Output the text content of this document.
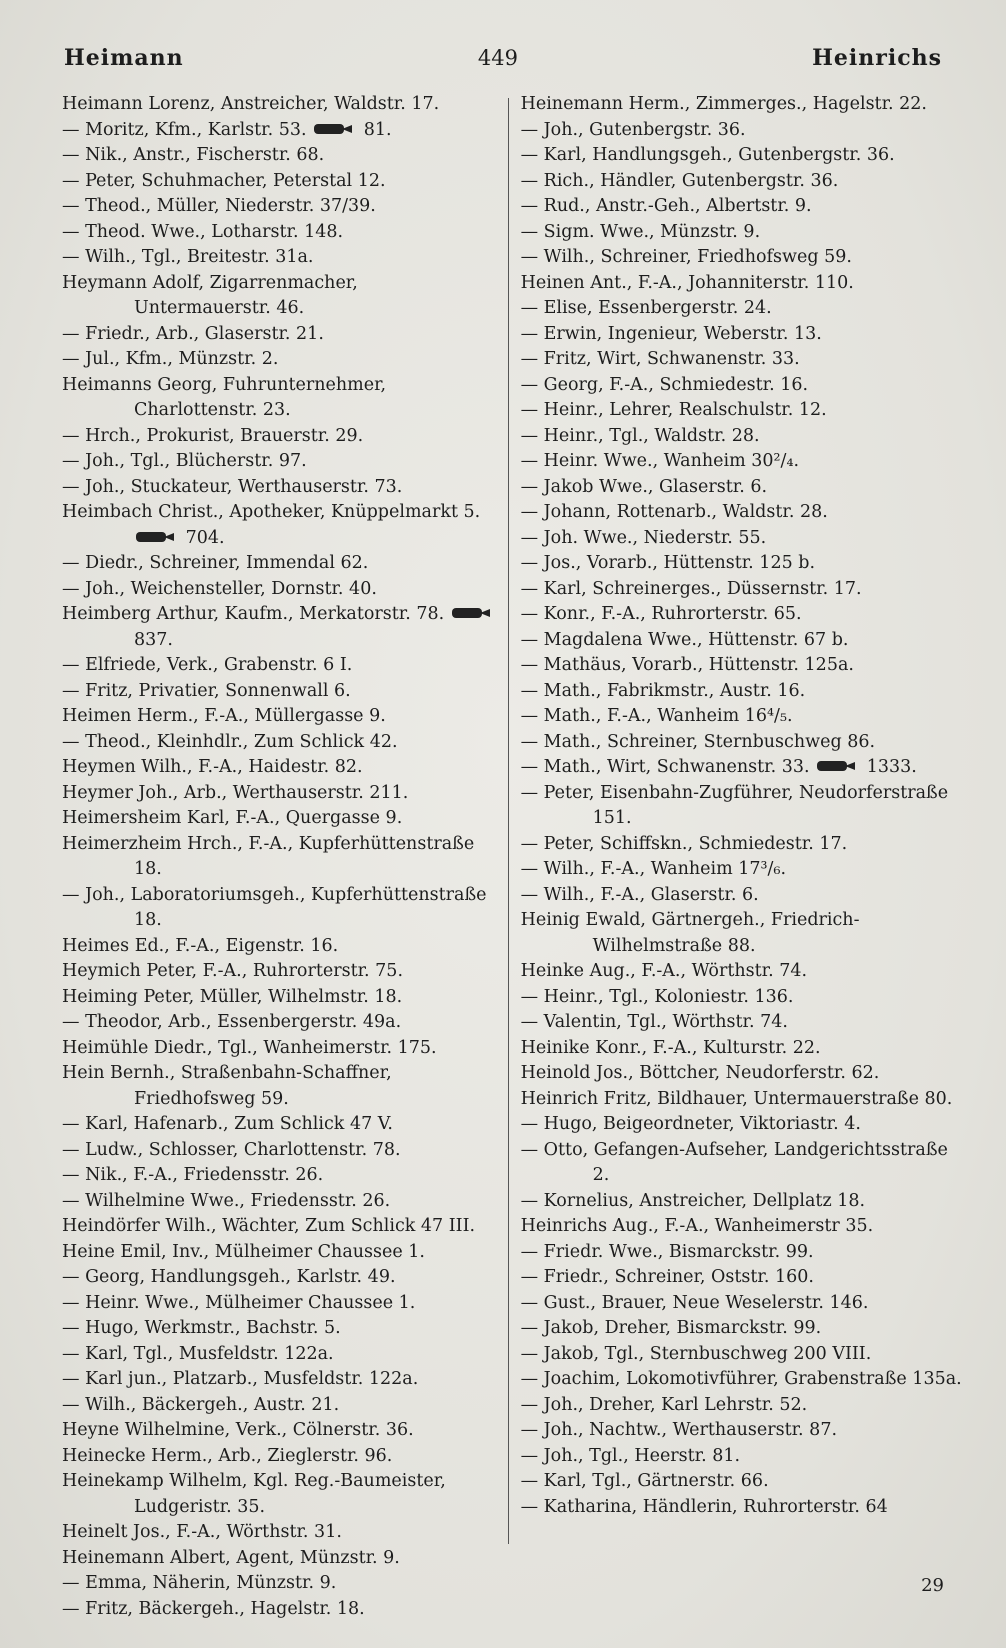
Heimann	449	Heinrichs
Heimann Lorenz, Anstreicher, Waldstr. 17.
— Moritz, Kfm., Karlstr. 53.	81.
— Nik., Anstr., Fischerstr. 68.
— Peter, Schuhmacher, Peterstal 12.
— Theod., Müller, Niederstr. 37/39.
— Theod. Wwe., Lotharstr. 148.
— Wilh., Tgl., Breitestr. 31a.
Heymann Adolf, Zigarrenmacher, Untermauerstr. 46.
— Friedr., Arb., Glaserstr. 21.
— Jul., Kfm., Münzstr. 2.
Heimanns Georg, Fuhrunternehmer, Charlottenstr. 23.
— Hrch., Prokurist, Brauerstr. 29.
— Joh., Tgl., Blücherstr. 97.
— Joh., Stuckateur, Werthauserstr. 73.
Heimbach Christ., Apotheker, Knüppelmarkt 5.  704.
— Diedr., Schreiner, Immendal 62.
— Joh., Weichensteller, Dornstr. 40.
Heimberg Arthur, Kaufm., Merkatorstr. 78.  837.
— Elfriede, Verk., Grabenstr. 6 I.
— Fritz, Privatier, Sonnenwall 6.
Heimen Herm., F.-A., Müllergasse 9.
— Theod., Kleinhdlr., Zum Schlick 42.
Heymen Wilh., F.-A., Haidestr. 82.
Heymer Joh., Arb., Werthauserstr. 211.
Heimersheim Karl, F.-A., Quergasse 9.
Heimerzheim Hrch., F.-A., Kupferhüttenstraße 18.
— Joh., Laboratoriumsgeh., Kupferhüttenstraße 18.
Heimes Ed., F.-A., Eigenstr. 16.
Heymich Peter, F.-A., Ruhrorterstr. 75.
Heiming Peter, Müller, Wilhelmstr. 18.
— Theodor, Arb., Essenbergerstr. 49a.
Heimühle Diedr., Tgl., Wanheimerstr. 175.
Hein Bernh., Straßenbahn-Schaffner, Friedhofsweg 59.
— Karl, Hafenarb., Zum Schlick 47 V.
— Ludw., Schlosser, Charlottenstr. 78.
— Nik., F.-A., Friedensstr. 26.
— Wilhelmine Wwe., Friedensstr. 26.
Heindörfer Wilh., Wächter, Zum Schlick 47 III.
Heine Emil, Inv., Mülheimer Chaussee 1.
— Georg, Handlungsgeh., Karlstr. 49.
— Heinr. Wwe., Mülheimer Chaussee 1.
— Hugo, Werkmstr., Bachstr. 5.
— Karl, Tgl., Musfeldstr. 122a.
— Karl jun., Platzarb., Musfeldstr. 122a.
— Wilh., Bäckergeh., Austr. 21.
Heyne Wilhelmine, Verk., Cölnerstr. 36.
Heinecke Herm., Arb., Zieglerstr. 96.
Heinekamp Wilhelm, Kgl. Reg.-Baumeister, Ludgeristr. 35.
Heinelt Jos., F.-A., Wörthstr. 31.
Heinemann Albert, Agent, Münzstr. 9.
— Emma, Näherin, Münzstr. 9.
— Fritz, Bäckergeh., Hagelstr. 18.
Heinemann Herm., Zimmerges., Hagelstr. 22.
— Joh., Gutenbergstr. 36.
— Karl, Handlungsgeh., Gutenbergstr. 36.
— Rich., Händler, Gutenbergstr. 36.
— Rud., Anstr.-Geh., Albertstr. 9.
— Sigm. Wwe., Münzstr. 9.
— Wilh., Schreiner, Friedhofsweg 59.
Heinen Ant., F.-A., Johanniterstr. 110.
— Elise, Essenbergerstr. 24.
— Erwin, Ingenieur, Weberstr. 13.
— Fritz, Wirt, Schwanenstr. 33.
— Georg, F.-A., Schmiedestr. 16.
— Heinr., Lehrer, Realschulstr. 12.
— Heinr., Tgl., Waldstr. 28.
— Heinr. Wwe., Wanheim 30²/₄.
— Jakob Wwe., Glaserstr. 6.
— Johann, Rottenarb., Waldstr. 28.
— Joh. Wwe., Niederstr. 55.
— Jos., Vorarb., Hüttenstr. 125 b.
— Karl, Schreinerges., Düssernstr. 17.
— Konr., F.-A., Ruhrorterstr. 65.
— Magdalena Wwe., Hüttenstr. 67 b.
— Mathäus, Vorarb., Hüttenstr. 125a.
— Math., Fabrikmstr., Austr. 16.
— Math., F.-A., Wanheim 16⁴/₅.
— Math., Schreiner, Sternbuschweg 86.
— Math., Wirt, Schwanenstr. 33.	1333.
— Peter, Eisenbahn-Zugführer, Neudorferstraße 151.
— Peter, Schiffskn., Schmiedestr. 17.
— Wilh., F.-A., Wanheim 17³/₆.
— Wilh., F.-A., Glaserstr. 6.
Heinig Ewald, Gärtnergeh., Friedrich-Wilhelmstraße 88.
Heinke Aug., F.-A., Wörthstr. 74.
— Heinr., Tgl., Koloniestr. 136.
— Valentin, Tgl., Wörthstr. 74.
Heinike Konr., F.-A., Kulturstr. 22.
Heinold Jos., Böttcher, Neudorferstr. 62.
Heinrich Fritz, Bildhauer, Untermauerstraße 80.
— Hugo, Beigeordneter, Viktoriastr. 4.
— Otto, Gefangen-Aufseher, Landgerichtsstraße 2.
— Kornelius, Anstreicher, Dellplatz 18.
Heinrichs Aug., F.-A., Wanheimerstr 35.
— Friedr. Wwe., Bismarckstr. 99.
— Friedr., Schreiner, Oststr. 160.
— Gust., Brauer, Neue Weselerstr. 146.
— Jakob, Dreher, Bismarckstr. 99.
— Jakob, Tgl., Sternbuschweg 200 VIII.
— Joachim, Lokomotivführer, Grabenstraße 135a.
— Joh., Dreher, Karl Lehrstr. 52.
— Joh., Nachtw., Werthauserstr. 87.
— Joh., Tgl., Heerstr. 81.
— Karl, Tgl., Gärtnerstr. 66.
— Katharina, Händlerin, Ruhrorterstr. 64
29
